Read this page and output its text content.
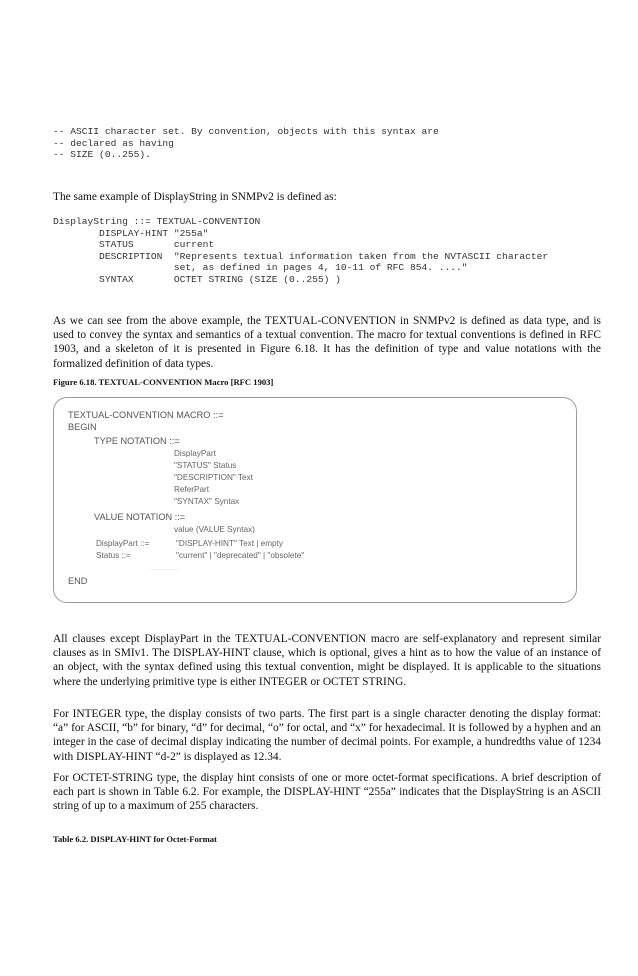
-- ASCII character set. By convention, objects with this syntax are
-- declared as having
-- SIZE (0..255).

The same example of DisplayString in SNMPv2 is defined as:

DisplayString ::= TEXTUAL-CONVENTION
DISPLAY-HINT "255a"
STATUS       current
DESCRIPTION  "Represents textual information taken from the NVTASCII character
set, as defined in pages 4, 10-11 of RFC 854. ...."
SYNTAX       OCTET STRING (SIZE (0..255) )

As we can see from the above example, the TEXTUAL-CONVENTION in SNMPv2 is defined as data type, and is used to convey the syntax and semantics of a textual convention. The macro for textual conventions is defined in RFC 1903, and a skeleton of it is presented in Figure 6.18. It has the definition of type and value notations with the formalized definition of data types.

Figure 6.18. TEXTUAL-CONVENTION Macro [RFC 1903]

TEXTUAL-CONVENTION MACRO ::=

BEGIN

TYPE NOTATION ::=

DisplayPart

"STATUS" Status

"DESCRIPTION" Text

ReferPart

"SYNTAX" Syntax

VALUE NOTATION ::=

value (VALUE Syntax)

DisplayPart ::=	"DISPLAY-HINT" Text | empty

Status ::=	"current" | "deprecated" | "obsolete"

...........

END

All clauses except DisplayPart in the TEXTUAL-CONVENTION macro are self-explanatory and represent similar clauses as in SMIv1. The DISPLAY-HINT clause, which is optional, gives a hint as to how the value of an instance of an object, with the syntax defined using this textual convention, might be displayed. It is applicable to the situations where the underlying primitive type is either INTEGER or OCTET STRING.

For INTEGER type, the display consists of two parts. The first part is a single character denoting the display format: “a” for ASCII, “b” for binary, “d” for decimal, “o” for octal, and “x” for hexadecimal. It is followed by a hyphen and an integer in the case of decimal display indicating the number of decimal points. For example, a hundredths value of 1234 with DISPLAY-HINT “d-2” is displayed as 12.34.

For OCTET-STRING type, the display hint consists of one or more octet-format specifications. A brief description of each part is shown in Table 6.2. For example, the DISPLAY-HINT “255a” indicates that the DisplayString is an ASCII string of up to a maximum of 255 characters.

Table 6.2. DISPLAY-HINT for Octet-Format
